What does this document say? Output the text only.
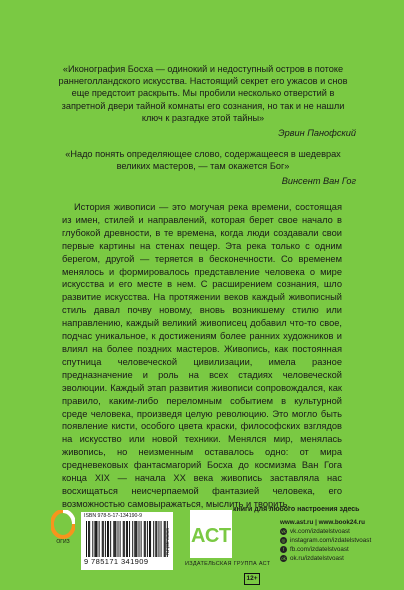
«Иконография Босха — одинокий и недоступный остров в потоке раннеголландского искусства. Настоящий секрет его ужасов и снов еще предстоит раскрыть. Мы пробили несколько отверстий в запретной двери тайной комнаты его сознания, но так и не нашли ключ к разгадке этой тайны»
Эрвин Панофский
«Надо понять определяющее слово, содержащееся в шедеврах великих мастеров, — там окажется Бог»
Винсент Ван Гог

История живописи — это могучая река времени, состоящая из имен, стилей и направлений, которая берет свое начало в глубокой древности, в те времена, когда люди создавали свои первые картины на стенах пещер. Эта река только с одним берегом, другой — теряется в бесконечности. Со временем менялось и формировалось представление человека о мире искусства и его месте в нем. С расширением сознания, шло развитие искусства. На протяжении веков каждый живописный стиль давал почву новому, вновь возникшему стилю или направлению, каждый великий живописец добавил что-то свое, подчас уникальное, к достижениям более ранних художников и влиял на более поздних мастеров. Живопись, как постоянная спутница человеческой цивилизации, имела разное предназначение и роль на всех стадиях человеческой эволюции. Каждый этап развития живописи сопровождался, как правило, каким-либо переломным событием в культурной среде человека, произведя целую революцию. Это могло быть появление кисти, особого цвета краски, философских взглядов на искусство или новой техники. Менялся мир, менялась живопись, но неизменным оставалось одно: от мира средневековых фантасмагорий Босха до космизма Ван Гога конца XIX — начала XX века живопись заставляла нас восхищаться неисчерпаемой фантазией человека, его возможностью самовыражаться, мыслить и творить.

ОГИЗ
ISBN 978-5-17-134190-9
9 785171 341909
www.ast.ru АСТ
ИЗДАТЕЛЬСКАЯ ГРУППА АСТ
книги для любого настроения здесь
www.ast.ru | www.book24.ru
vk vk.com/izdatelstvoast
◎ instagram.com/izdatelstvoast
f fb.com/izdatelstvoast
ok ok.ru/izdatelstvoast
12+
